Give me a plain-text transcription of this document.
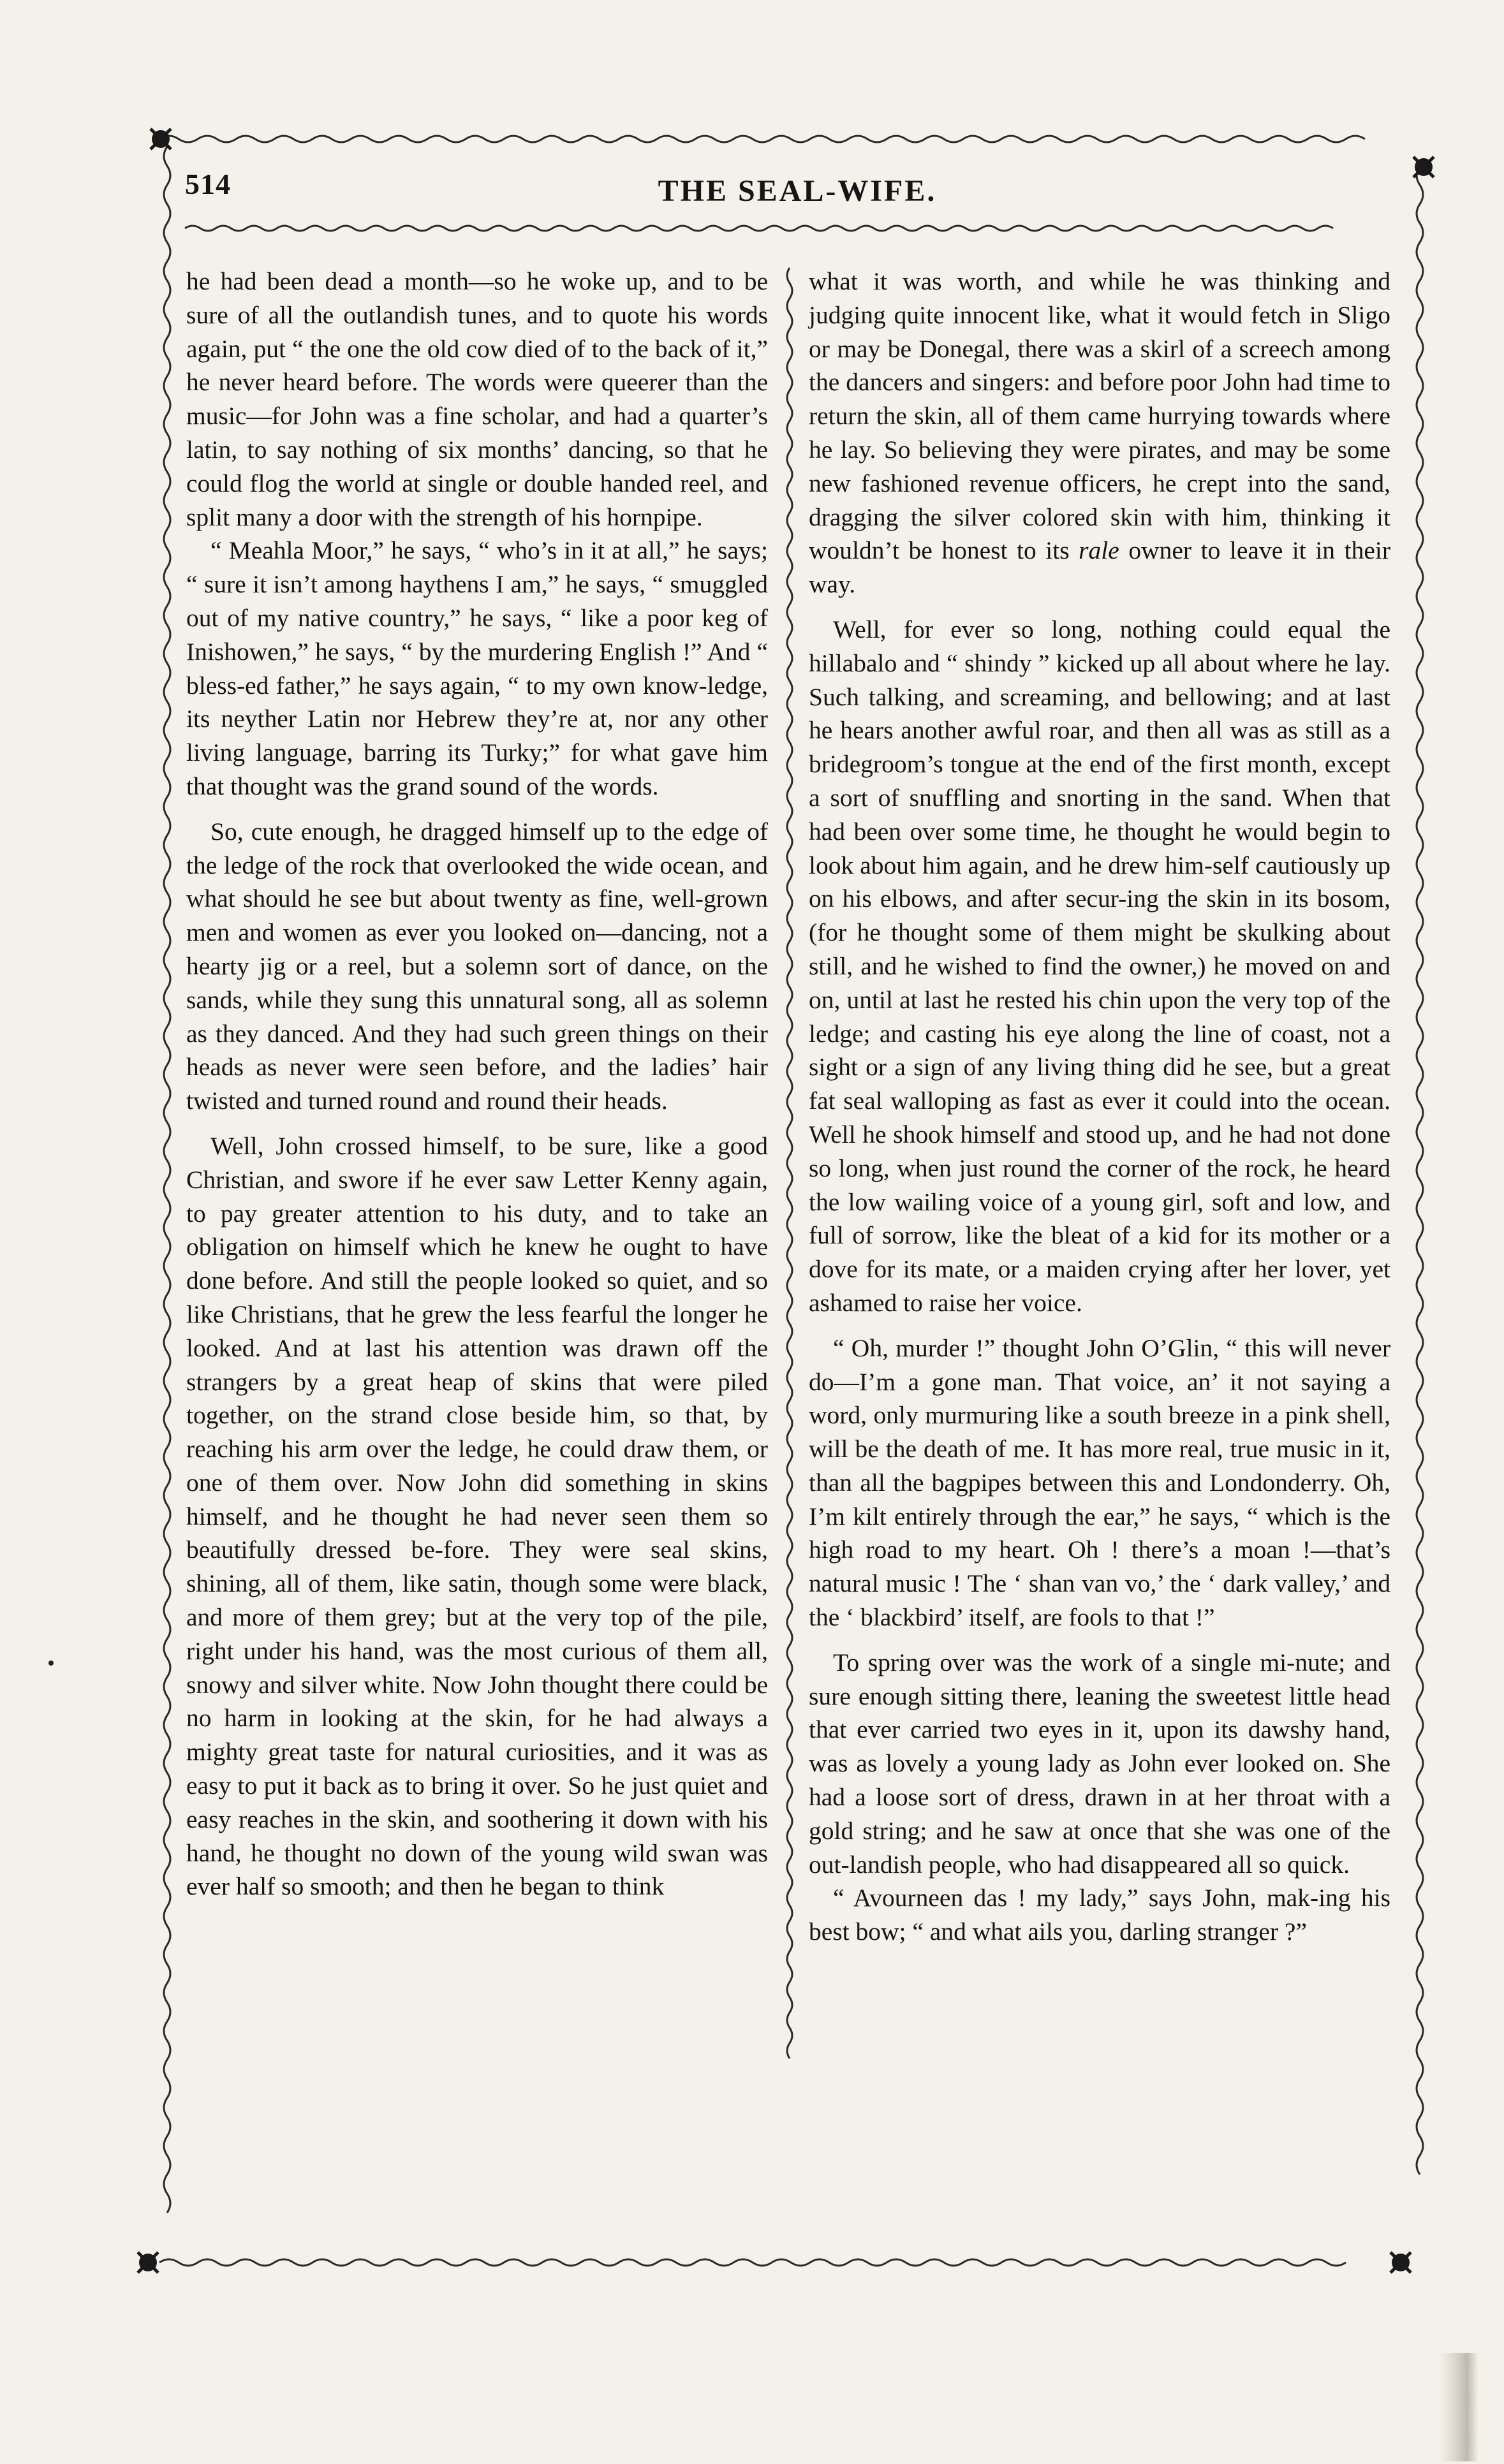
514	THE SEAL-WIFE.

he had been dead a month—so he woke up, and to be sure of all the outlandish tunes, and to quote his words again, put “ the one the old cow died of to the back of it,” he never heard before. The words were queerer than the music—for John was a fine scholar, and had a quarter’s latin, to say nothing of six months’ dancing, so that he could flog the world at single or double handed reel, and split many a door with the strength of his hornpipe.

“ Meahla Moor,” he says, “ who’s in it at all,” he says; “ sure it isn’t among haythens I am,” he says, “ smuggled out of my native country,” he says, “ like a poor keg of Inishowen,” he says, “ by the murdering English !” And “ bless-ed father,” he says again, “ to my own know-ledge, its neyther Latin nor Hebrew they’re at, nor any other living language, barring its Turky;” for what gave him that thought was the grand sound of the words.

So, cute enough, he dragged himself up to the edge of the ledge of the rock that overlooked the wide ocean, and what should he see but about twenty as fine, well-grown men and women as ever you looked on—dancing, not a hearty jig or a reel, but a solemn sort of dance, on the sands, while they sung this unnatural song, all as solemn as they danced. And they had such green things on their heads as never were seen before, and the ladies’ hair twisted and turned round and round their heads.

Well, John crossed himself, to be sure, like a good Christian, and swore if he ever saw Letter Kenny again, to pay greater attention to his duty, and to take an obligation on himself which he knew he ought to have done before. And still the people looked so quiet, and so like Christians, that he grew the less fearful the longer he looked. And at last his attention was drawn off the strangers by a great heap of skins that were piled together, on the strand close beside him, so that, by reaching his arm over the ledge, he could draw them, or one of them over. Now John did something in skins himself, and he thought he had never seen them so beautifully dressed be-fore. They were seal skins, shining, all of them, like satin, though some were black, and more of them grey; but at the very top of the pile, right under his hand, was the most curious of them all, snowy and silver white. Now John thought there could be no harm in looking at the skin, for he had always a mighty great taste for natural curiosities, and it was as easy to put it back as to bring it over. So he just quiet and easy reaches in the skin, and soothering it down with his hand, he thought no down of the young wild swan was ever half so smooth; and then he began to think

what it was worth, and while he was thinking and judging quite innocent like, what it would fetch in Sligo or may be Donegal, there was a skirl of a screech among the dancers and singers: and before poor John had time to return the skin, all of them came hurrying towards where he lay. So believing they were pirates, and may be some new fashioned revenue officers, he crept into the sand, dragging the silver colored skin with him, thinking it wouldn’t be honest to its rale owner to leave it in their way.

Well, for ever so long, nothing could equal the hillabalo and “ shindy ” kicked up all about where he lay. Such talking, and screaming, and bellowing; and at last he hears another awful roar, and then all was as still as a bridegroom’s tongue at the end of the first month, except a sort of snuffling and snorting in the sand. When that had been over some time, he thought he would begin to look about him again, and he drew him-self cautiously up on his elbows, and after secur-ing the skin in its bosom, (for he thought some of them might be skulking about still, and he wished to find the owner,) he moved on and on, until at last he rested his chin upon the very top of the ledge; and casting his eye along the line of coast, not a sight or a sign of any living thing did he see, but a great fat seal walloping as fast as ever it could into the ocean. Well he shook himself and stood up, and he had not done so long, when just round the corner of the rock, he heard the low wailing voice of a young girl, soft and low, and full of sorrow, like the bleat of a kid for its mother or a dove for its mate, or a maiden crying after her lover, yet ashamed to raise her voice.

“ Oh, murder !” thought John O’Glin, “ this will never do—I’m a gone man. That voice, an’ it not saying a word, only murmuring like a south breeze in a pink shell, will be the death of me. It has more real, true music in it, than all the bagpipes between this and Londonderry. Oh, I’m kilt entirely through the ear,” he says, “ which is the high road to my heart. Oh ! there’s a moan !—that’s natural music ! The ‘ shan van vo,’ the ‘ dark valley,’ and the ‘ blackbird’ itself, are fools to that !”

To spring over was the work of a single mi-nute; and sure enough sitting there, leaning the sweetest little head that ever carried two eyes in it, upon its dawshy hand, was as lovely a young lady as John ever looked on. She had a loose sort of dress, drawn in at her throat with a gold string; and he saw at once that she was one of the out-landish people, who had disappeared all so quick.

“ Avourneen das ! my lady,” says John, mak-ing his best bow; “ and what ails you, darling stranger ?”
